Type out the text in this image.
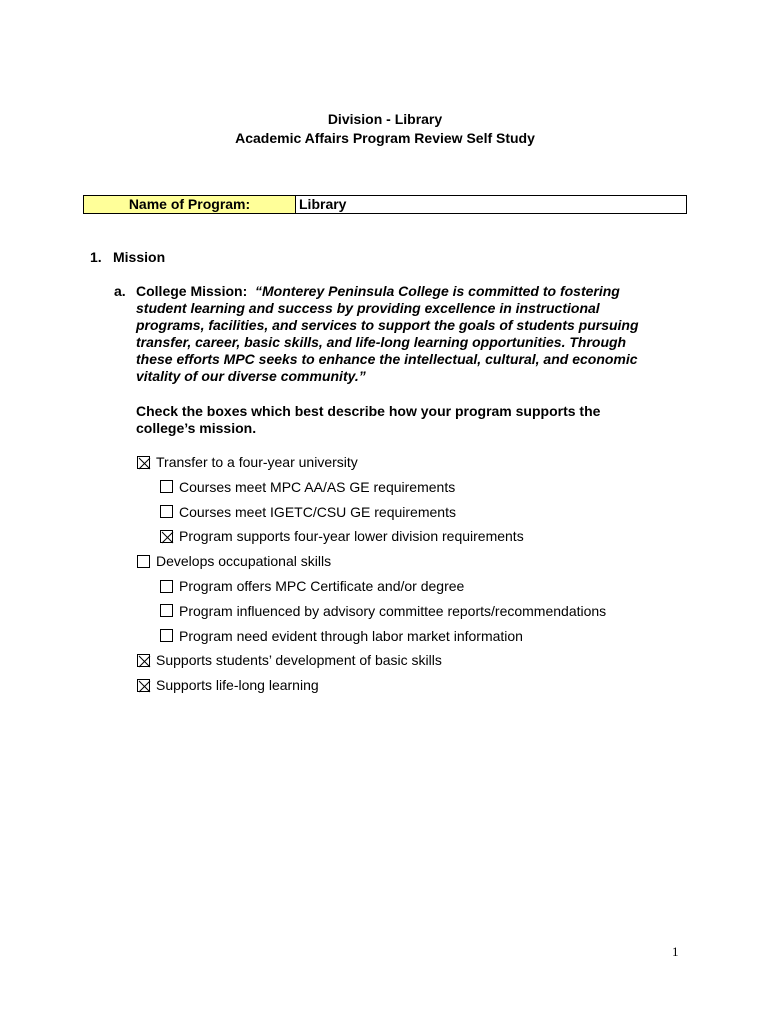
Division - Library
Academic Affairs Program Review Self Study
Name of Program:	Library
1. Mission
a. College Mission: “Monterey Peninsula College is committed to fostering
student learning and success by providing excellence in instructional
programs, facilities, and services to support the goals of students pursuing
transfer, career, basic skills, and life-long learning opportunities. Through
these efforts MPC seeks to enhance the intellectual, cultural, and economic
vitality of our diverse community.”
Check the boxes which best describe how your program supports the
college’s mission.
Transfer to a four-year university
Courses meet MPC AA/AS GE requirements
Courses meet IGETC/CSU GE requirements
Program supports four-year lower division requirements
Develops occupational skills
Program offers MPC Certificate and/or degree
Program influenced by advisory committee reports/recommendations
Program need evident through labor market information
Supports students’ development of basic skills
Supports life-long learning
1
